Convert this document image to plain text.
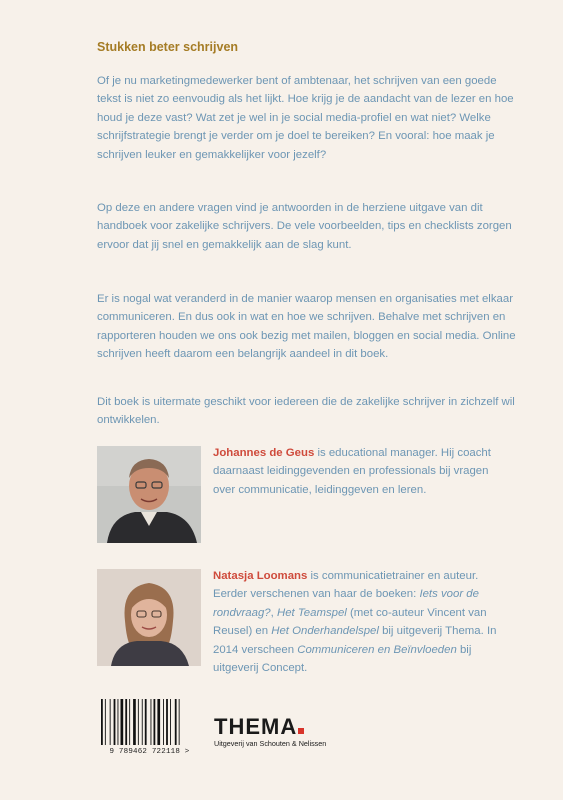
Stukken beter schrijven
Of je nu marketingmedewerker bent of ambtenaar, het schrijven van een goede tekst is niet zo eenvoudig als het lijkt. Hoe krijg je de aandacht van de lezer en hoe houd je deze vast? Wat zet je wel in je social media-profiel en wat niet? Welke schrijfstrategie brengt je verder om je doel te bereiken? En vooral: hoe maak je schrijven leuker en gemakkelijker voor jezelf?
Op deze en andere vragen vind je antwoorden in de herziene uitgave van dit handboek voor zakelijke schrijvers. De vele voorbeelden, tips en checklists zorgen ervoor dat jij snel en gemakkelijk aan de slag kunt.
Er is nogal wat veranderd in de manier waarop mensen en organisaties met elkaar communiceren. En dus ook in wat en hoe we schrijven. Behalve met schrijven en rapporteren houden we ons ook bezig met mailen, bloggen en social media. Online schrijven heeft daarom een belangrijk aandeel in dit boek.
Dit boek is uitermate geschikt voor iedereen die de zakelijke schrijver in zichzelf wil ontwikkelen.
Johannes de Geus is educational manager. Hij coacht daarnaast leidinggevenden en professionals bij vragen over communicatie, leidinggeven en leren.
Natasja Loomans is communicatietrainer en auteur. Eerder verschenen van haar de boeken: Iets voor de rondvraag?, Het Teamspel (met co-auteur Vincent van Reusel) en Het Onderhandelspel bij uitgeverij Thema. In 2014 verscheen Communiceren en Beïnvloeden bij uitgeverij Concept.
9 789462 722118 >
THEMA
Uitgeverij van Schouten & Nelissen
